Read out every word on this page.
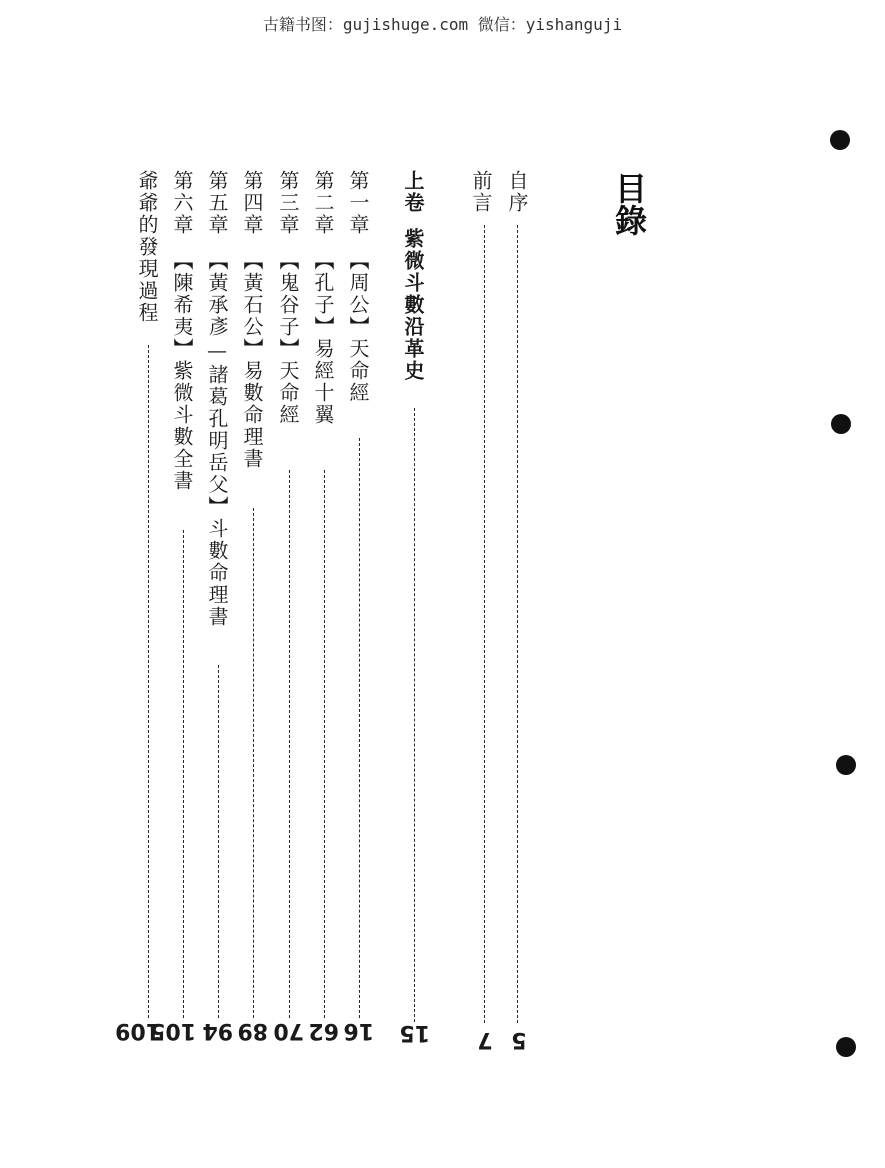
古籍书图：gujishuge.com 微信：yishanguji
目錄
自序
5
前言
7
上卷紫微斗數沿革史
15
第一章【周公】天命經
16
第二章【孔子】易經十翼
62
第三章【鬼谷子】天命經
70
第四章【黃石公】易數命理書
89
第五章【黃承彥—諸葛孔明岳父】斗數命理書
94
第六章【陳希夷】紫微斗數全書
105
爺爺的發現過程
109
